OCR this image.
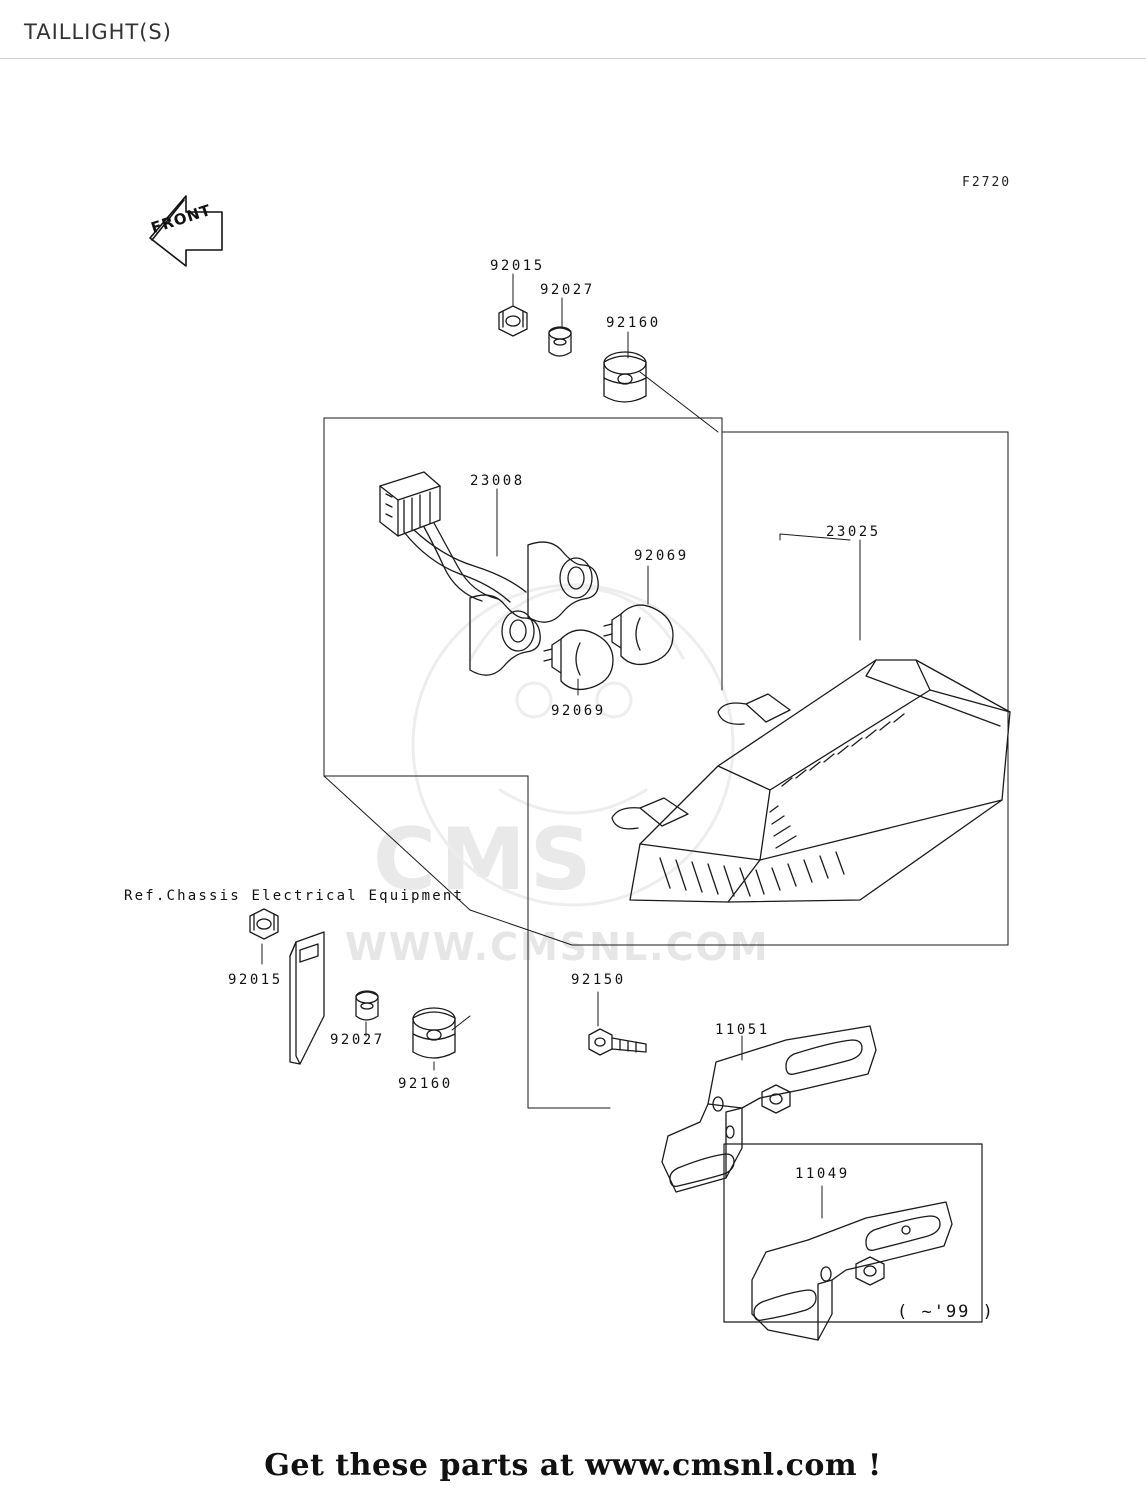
TAILLIGHT(S)
F2720
CMS
WWW.CMSNL.COM
FRONT
Ref.Chassis Electrical Equipment
( ~'99 )
92015
92027
92160
23008
92069
92069
23025
92015
92027
92160
92150
11051
11049
Get these parts at www.cmsnl.com !
